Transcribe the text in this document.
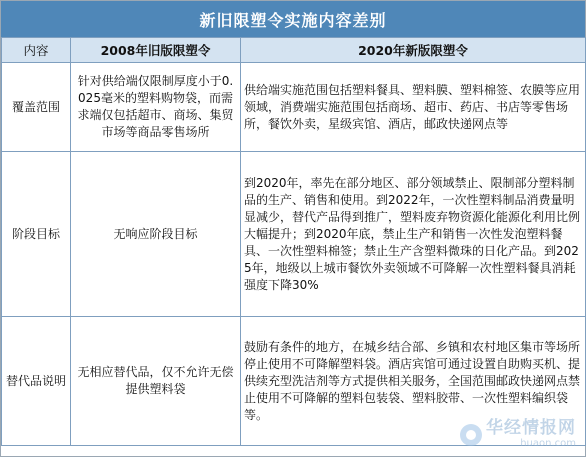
新旧限塑令实施内容差别
内容	2008年旧版限塑令	2020年新版限塑令
覆盖范围	针对供给端仅限制厚度小于0.025毫米的塑料购物袋，而需求端仅包括超市、商场、集贸市场等商品零售场所	供给端实施范围包括塑料餐具、塑料膜、塑料棉签、农膜等应用领域，消费端实施范围包括商场、超市、药店、书店等零售场所，餐饮外卖，星级宾馆、酒店，邮政快递网点等
阶段目标	无响应阶段目标	到2020年，率先在部分地区、部分领域禁止、限制部分塑料制品的生产、销售和使用。到2022年，一次性塑料制品消费量明显减少，替代产品得到推广，塑料废弃物资源化能源化利用比例大幅提升；到2020年底，禁止生产和销售一次性发泡塑料餐具、一次性塑料棉签；禁止生产含塑料微珠的日化产品。到2025年，地级以上城市餐饮外卖领域不可降解一次性塑料餐具消耗强度下降30%
替代品说明	无相应替代品，仅不允许无偿提供塑料袋	鼓励有条件的地方，在城乡结合部、乡镇和农村地区集市等场所停止使用不可降解塑料袋。酒店宾馆可通过设置自助购买机、提供续充型洗洁剂等方式提供相关服务，全国范围邮政快递网点禁止使用不可降解的塑料包装袋、塑料胶带、一次性塑料编织袋等。
华经情报网
huaon.com
